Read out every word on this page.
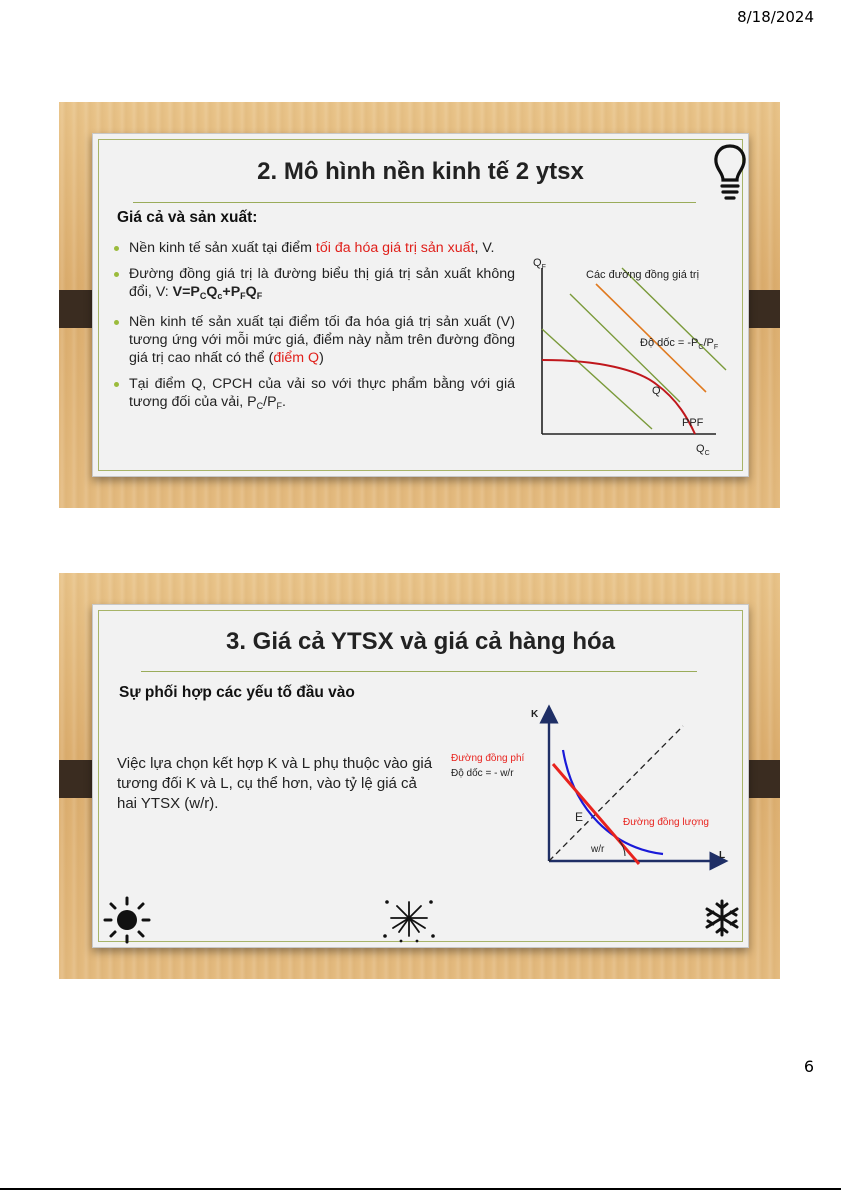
8/18/2024
2. Mô hình nền kinh tế 2 ytsx
Giá cả và sản xuất:
Nền kinh tế sản xuất tại điểm tối đa hóa giá trị sản xuất, V.
Đường đồng giá trị là đường biểu thị giá trị sản xuất không đổi, V: $V=P_CQ_c+P_FQ_F$
Nền kinh tế sản xuất tại điểm tối đa hóa giá trị sản xuất (V) tương ứng với mỗi mức giá, điểm này nằm trên đường đồng giá trị cao nhất có thể (điểm Q)
Tại điểm Q, CPCH của vải so với thực phẩm bằng với giá tương đối của vải, $P_C/P_F$.
$Q_F$
$Q_C$
Các đường đồng giá trị
Độ dốc = $-P_C/P_F$
Q
PPF
3. Giá cả YTSX và giá cả hàng hóa
Sự phối hợp các yếu tố đầu vào
Việc lựa chọn kết hợp K và L phụ thuộc vào giá tương đối K và L, cụ thể hơn, vào tỷ lệ giá cả hai YTSX (w/r).
K
L
Đường đồng phí
Độ dốc = - w/r
E	Đường đồng lượng
w/r
6
